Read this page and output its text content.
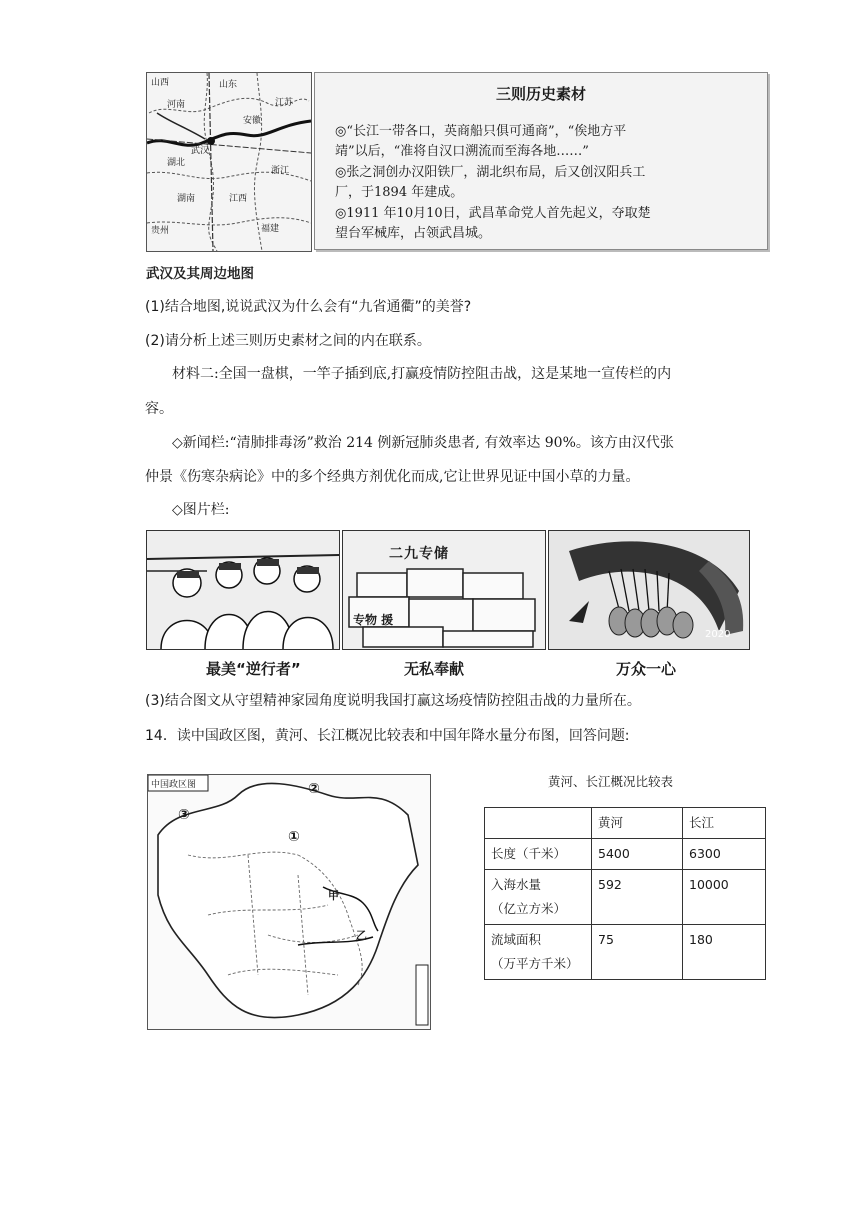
山西	山东
河南
安徽
江苏
湖北
武汉
浙江
湖南	江西
福建
贵州
武汉及其周边地图
三则历史素材
◎“长江一带各口，英商船只俱可通商”，“俟地方平
靖”以后，“准将自汉口溯流而至海各地……”
◎张之洞创办汉阳铁厂，湖北织布局，后又创汉阳兵工
厂，于1894 年建成。
◎1911 年10月10日，武昌革命党人首先起义，夺取楚
望台军械库，占领武昌城。
(1)结合地图,说说武汉为什么会有“九省通衢”的美誉?
(2)请分析上述三则历史素材之间的内在联系。
材料二:全国一盘棋，一竿子插到底,打赢疫情防控阻击战，这是某地一宣传栏的内
容。
◇新闻栏:“清肺排毒汤”救治 214 例新冠肺炎患者, 有效率达 90%。该方由汉代张
仲景《伤寒杂病论》中的多个经典方剂优化而成,它让世界见证中国小草的力量。
◇图片栏:
二九专储
专物 援
2020
最美“逆行者”	无私奉献	万众一心
(3)结合图文从守望精神家园角度说明我国打赢这场疫情防控阻击战的力量所在。
14．读中国政区图，黄河、长江概况比较表和中国年降水量分布图，回答问题:
中国政区图
③
②
①
甲
乙
黄河、长江概况比较表
	黄河	长江
长度（千米）	5400	6300

入海水量
（亿立方米）	592	10000

流域面积
（万平方千米）	75	180
